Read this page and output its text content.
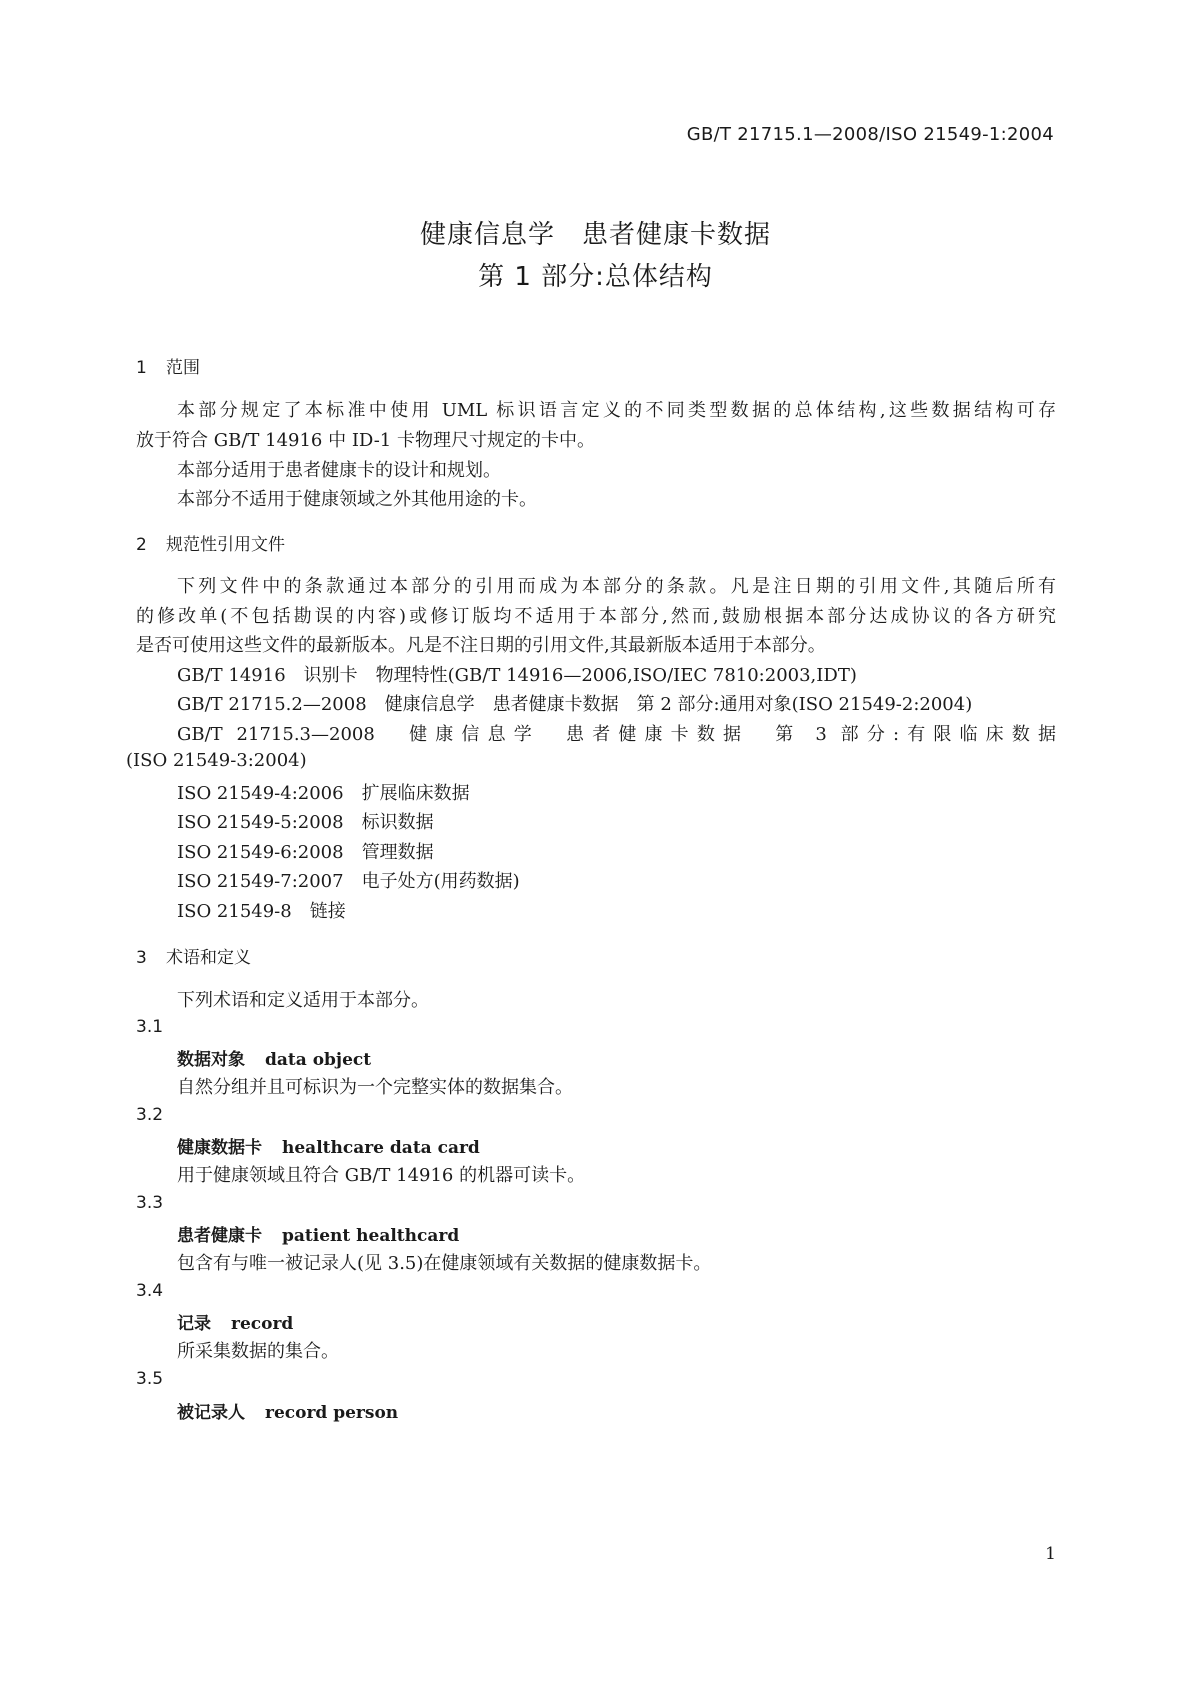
GB/T 21715.1—2008/ISO 21549-1:2004
健康信息学　患者健康卡数据
第 1 部分:总体结构
1 范围
本部分规定了本标准中使用 UML 标识语言定义的不同类型数据的总体结构,这些数据结构可存
放于符合 GB/T 14916 中 ID-1 卡物理尺寸规定的卡中。
本部分适用于患者健康卡的设计和规划。
本部分不适用于健康领域之外其他用途的卡。
2 规范性引用文件
下列文件中的条款通过本部分的引用而成为本部分的条款。凡是注日期的引用文件,其随后所有
的修改单(不包括勘误的内容)或修订版均不适用于本部分,然而,鼓励根据本部分达成协议的各方研究
是否可使用这些文件的最新版本。凡是不注日期的引用文件,其最新版本适用于本部分。
GB/T 14916　识别卡　物理特性(GB/T 14916—2006,ISO/IEC 7810:2003,IDT)
GB/T 21715.2—2008　健康信息学　患者健康卡数据　第 2 部分:通用对象(ISO 21549-2:2004)
GB/T 21715.3—2008　健康信息学　患者健康卡数据　第 3 部分:有限临床数据
(ISO 21549-3:2004)
ISO 21549-4:2006　扩展临床数据
ISO 21549-5:2008　标识数据
ISO 21549-6:2008　管理数据
ISO 21549-7:2007　电子处方(用药数据)
ISO 21549-8　链接
3 术语和定义
下列术语和定义适用于本部分。
3.1
数据对象 data object
自然分组并且可标识为一个完整实体的数据集合。
3.2
健康数据卡 healthcare data card
用于健康领域且符合 GB/T 14916 的机器可读卡。
3.3
患者健康卡 patient healthcard
包含有与唯一被记录人(见 3.5)在健康领域有关数据的健康数据卡。
3.4
记录 record
所采集数据的集合。
3.5
被记录人 record person
1
